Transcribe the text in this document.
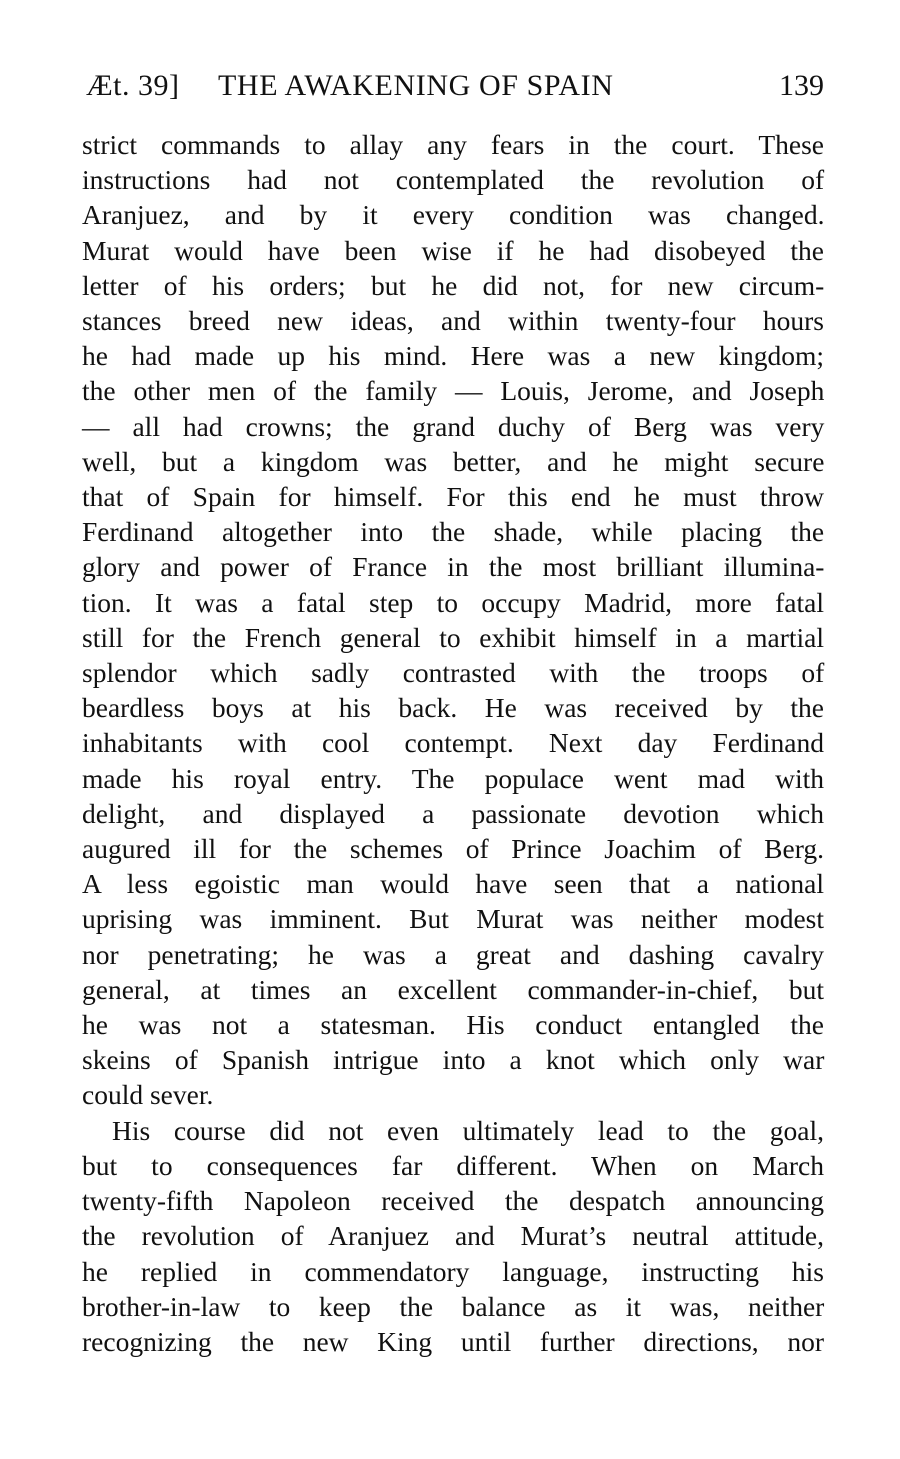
Æt. 39] THE AWAKENING OF SPAIN	139

strict commands to allay any fears in the court. These
instructions had not contemplated the revolution of
Aranjuez, and by it every condition was changed.
Murat would have been wise if he had disobeyed the
letter of his orders; but he did not, for new circum-
stances breed new ideas, and within twenty-four hours
he had made up his mind. Here was a new kingdom;
the other men of the family — Louis, Jerome, and Joseph
— all had crowns; the grand duchy of Berg was very
well, but a kingdom was better, and he might secure
that of Spain for himself. For this end he must throw
Ferdinand altogether into the shade, while placing the
glory and power of France in the most brilliant illumina-
tion. It was a fatal step to occupy Madrid, more fatal
still for the French general to exhibit himself in a martial
splendor which sadly contrasted with the troops of
beardless boys at his back. He was received by the
inhabitants with cool contempt. Next day Ferdinand
made his royal entry. The populace went mad with
delight, and displayed a passionate devotion which
augured ill for the schemes of Prince Joachim of Berg.
A less egoistic man would have seen that a national
uprising was imminent. But Murat was neither modest
nor penetrating; he was a great and dashing cavalry
general, at times an excellent commander-in-chief, but
he was not a statesman. His conduct entangled the
skeins of Spanish intrigue into a knot which only war
could sever.

His course did not even ultimately lead to the goal,
but to consequences far different. When on March
twenty-fifth Napoleon received the despatch announcing
the revolution of Aranjuez and Murat’s neutral attitude,
he replied in commendatory language, instructing his
brother-in-law to keep the balance as it was, neither
recognizing the new King until further directions, nor
